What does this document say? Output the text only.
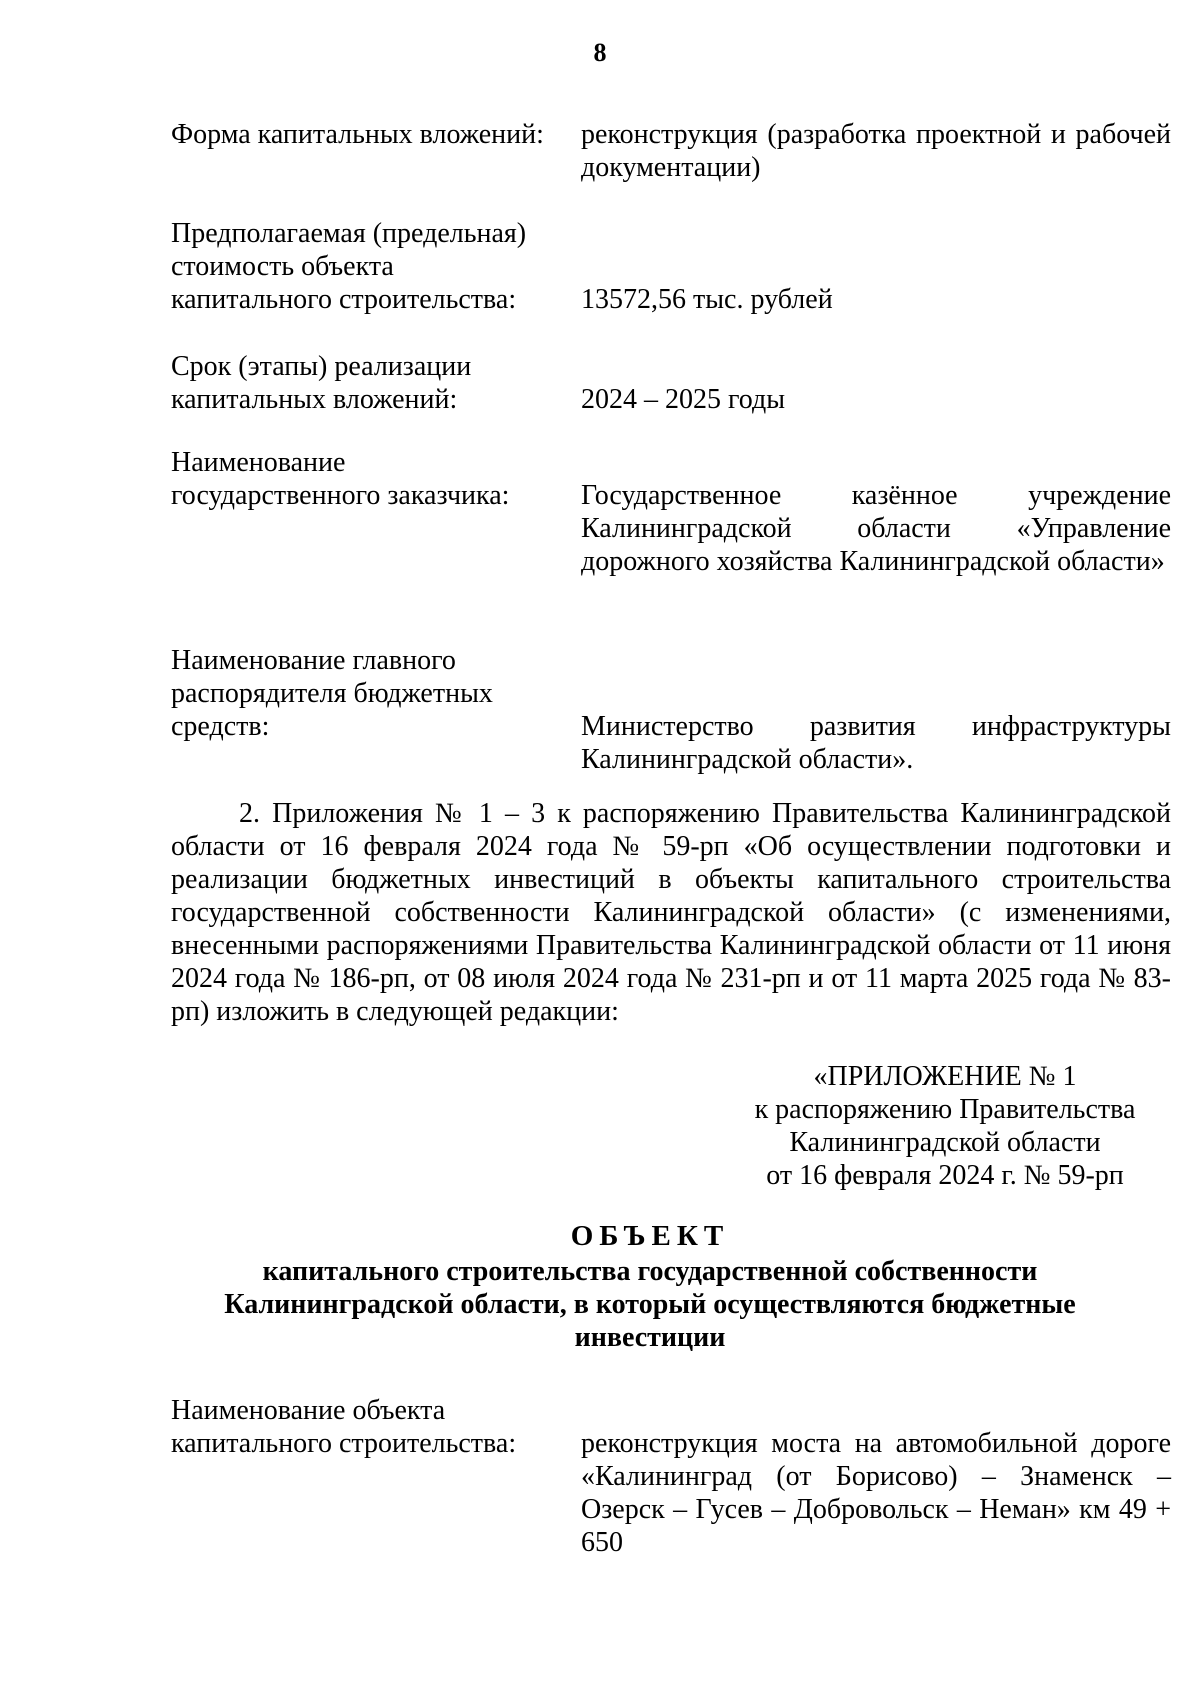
8
Форма капитальных вложений:	реконструкция (разработка проектной и рабочей документации)
Предполагаемая (предельная)
стоимость объекта
капитального строительства:	13572,56 тыс. рублей
Срок (этапы) реализации
капитальных вложений:	2024 – 2025 годы
Наименование
государственного заказчика:	Государственное казённое учреждение Калининградской области «Управление дорожного хозяйства Калининградской области»
Наименование главного
распорядителя бюджетных
средств:	Министерство развития инфраструктуры Калининградской области».
2. Приложения № 1 – 3 к распоряжению Правительства Калининградской области от 16 февраля 2024 года № 59-рп «Об осуществлении подготовки и реализации бюджетных инвестиций в объекты капитального строительства государственной собственности Калининградской области» (с изменениями, внесенными распоряжениями Правительства Калининградской области от 11 июня 2024 года № 186-рп, от 08 июля 2024 года № 231-рп и от 11 марта 2025 года № 83-рп) изложить в следующей редакции:
«ПРИЛОЖЕНИЕ № 1
к распоряжению Правительства
Калининградской области
от 16 февраля 2024 г. № 59-рп
ОБЪЕКТ
капитального строительства государственной собственности
Калининградской области, в который осуществляются бюджетные
инвестиции
Наименование объекта
капитального строительства:	реконструкция моста на автомобильной дороге «Калининград (от Борисово) – Знаменск – Озерск – Гусев – Добровольск – Неман» км 49 + 650
